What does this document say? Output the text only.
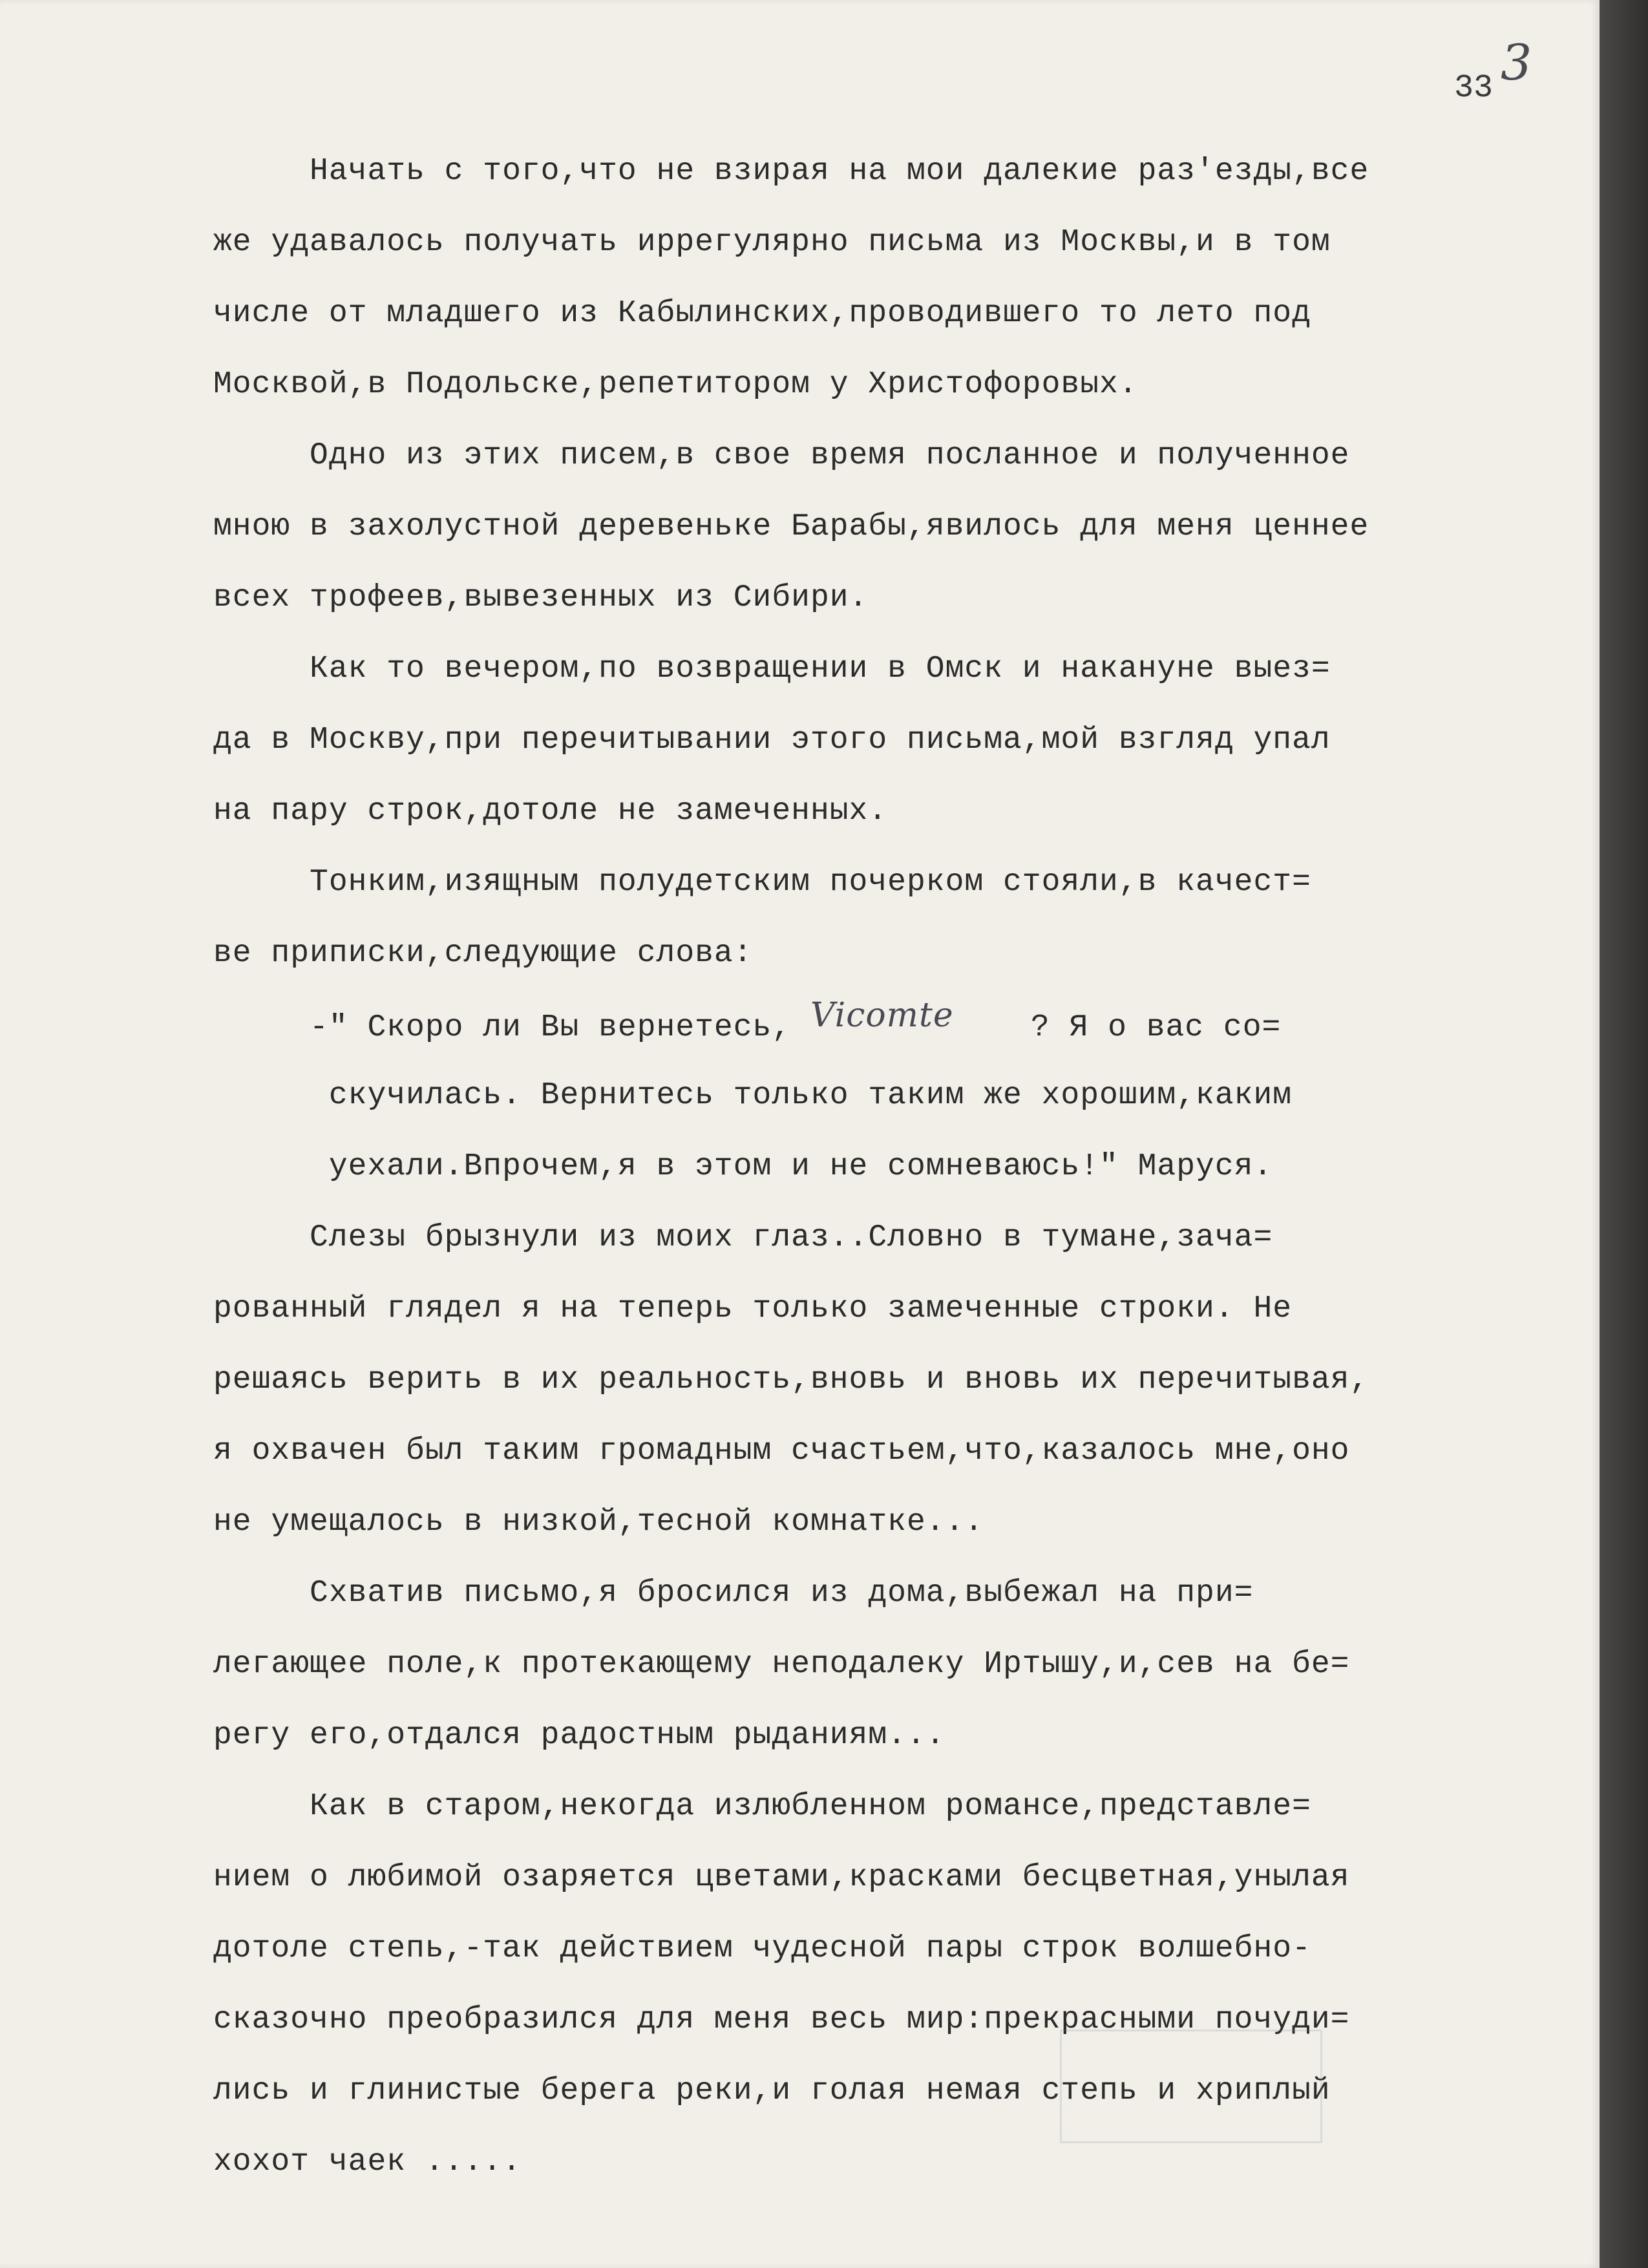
33 3
Начать с того,что не взирая на мои далекие раз'езды,все
же удавалось получать иррегулярно письма из Москвы,и в том
числе от младшего из Кабылинских,проводившего то лето под
Москвой,в Подольске,репетитором у Христофоровых.
Одно из этих писем,в свое время посланное и полученное
мною в захолустной деревеньке Барабы,явилось для меня ценнее
всех трофеев,вывезенных из Сибири.
Как то вечером,по возвращении в Омск и накануне выез=
да в Москву,при перечитывании этого письма,мой взгляд упал
на пару строк,дотоле не замеченных.
Тонким,изящным полудетским почерком стояли,в качест=
ве приписки,следующие слова:
-" Скоро ли Вы вернетесь, Vicomte    ? Я о вас со=
скучилась. Вернитесь только таким же хорошим,каким
уехали.Впрочем,я в этом и не сомневаюсь!" Маруся.
Слезы брызнули из моих глаз..Словно в тумане,зача=
рованный глядел я на теперь только замеченные строки. Не
решаясь верить в их реальность,вновь и вновь их перечитывая,
я охвачен был таким громадным счастьем,что,казалось мне,оно
не умещалось в низкой,тесной комнатке...
Схватив письмо,я бросился из дома,выбежал на при=
легающее поле,к протекающему неподалеку Иртышу,и,сев на бе=
регу его,отдался радостным рыданиям...
Как в старом,некогда излюбленном романсе,представле=
нием о любимой озаряется цветами,красками бесцветная,унылая
дотоле степь,-так действием чудесной пары строк волшебно-
сказочно преобразился для меня весь мир:прекрасными почуди=
лись и глинистые берега реки,и голая немая степь и хриплый
хохот чаек .....
